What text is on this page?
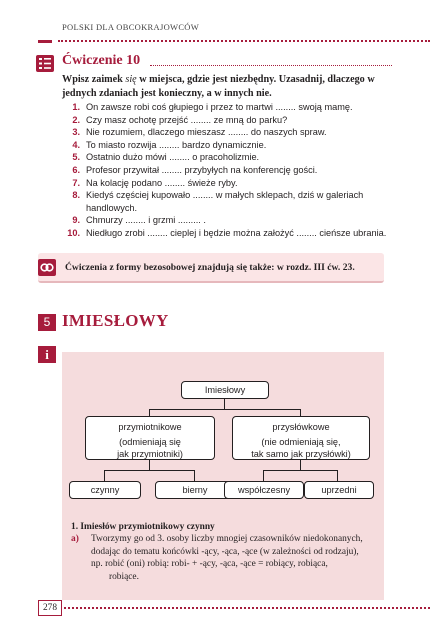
POLSKI DLA OBCOKRAJOWCÓW
Ćwiczenie 10
Wpisz zaimek się w miejsca, gdzie jest niezbędny. Uzasadnij, dlaczego w jednych zdaniach jest konieczny, a w innych nie.
1. On zawsze robi coś głupiego i przez to martwi ........ swoją mamę.
2. Czy masz ochotę przejść ........ ze mną do parku?
3. Nie rozumiem, dlaczego mieszasz ........ do naszych spraw.
4. To miasto rozwija ........ bardzo dynamicznie.
5. Ostatnio dużo mówi ........ o pracoholizmie.
6. Profesor przywitał ........ przybyłych na konferencję gości.
7. Na kolację podano ........ świeże ryby.
8. Kiedyś częściej kupowało ........ w małych sklepach, dziś w galeriach handlowych.
9. Chmurzy ........ i grzmi ......... .
10. Niedługo zrobi ........ cieplej i będzie można założyć ........ cieńsze ubrania.
Ćwiczenia z formy bezosobowej znajdują się także: w rozdz. III ćw. 23.
5 IMIESŁOWY
i
Imiesłowy
przymiotnikowe
(odmieniają się
jak przymiotniki)
przysłówkowe
(nie odmieniają się,
tak samo jak przysłówki)
czynny	bierny	współczesny	uprzedni
1. Imiesłów przymiotnikowy czynny
a) Tworzymy go od 3. osoby liczby mnogiej czasowników niedokonanych,
dodając do tematu końcówki -ący, -ąca, -ące (w zależności od rodzaju),
np. robić (oni) robią: robi- + -ący, -ąca, -ące = robiący, robiąca,
robiące.
278
